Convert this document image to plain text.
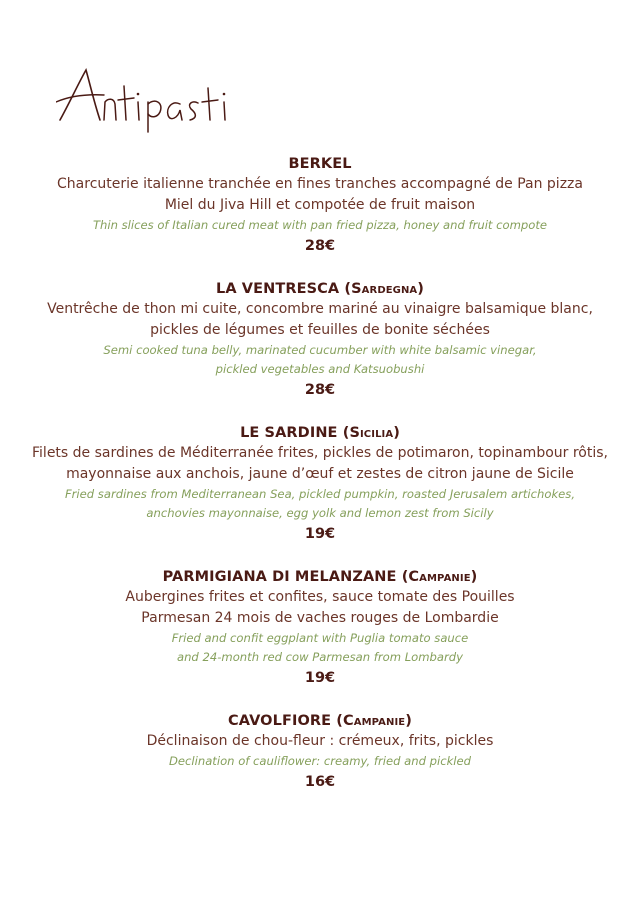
BERKEL
Charcuterie italienne tranchée en fines tranches accompagné de Pan pizza
Miel du Jiva Hill et compotée de fruit maison
Thin slices of Italian cured meat with pan fried pizza, honey and fruit compote
28€
LA VENTRESCA (Sardegna)
Ventrêche de thon mi cuite, concombre mariné au vinaigre balsamique blanc,
pickles de légumes et feuilles de bonite séchées
Semi cooked tuna belly, marinated cucumber with white balsamic vinegar,
pickled vegetables and Katsuobushi
28€
LE SARDINE (Sicilia)
Filets de sardines de Méditerranée frites, pickles de potimaron, topinambour rôtis,
mayonnaise aux anchois, jaune d’œuf et zestes de citron jaune de Sicile
Fried sardines from Mediterranean Sea, pickled pumpkin, roasted Jerusalem artichokes,
anchovies mayonnaise, egg yolk and lemon zest from Sicily
19€
PARMIGIANA DI MELANZANE (Campanie)
Aubergines frites et confites, sauce tomate des Pouilles
Parmesan 24 mois de vaches rouges de Lombardie
Fried and confit eggplant with Puglia tomato sauce
and 24-month red cow Parmesan from Lombardy
19€
CAVOLFIORE (Campanie)
Déclinaison de chou-fleur : crémeux, frits, pickles
Declination of cauliflower: creamy, fried and pickled
16€
